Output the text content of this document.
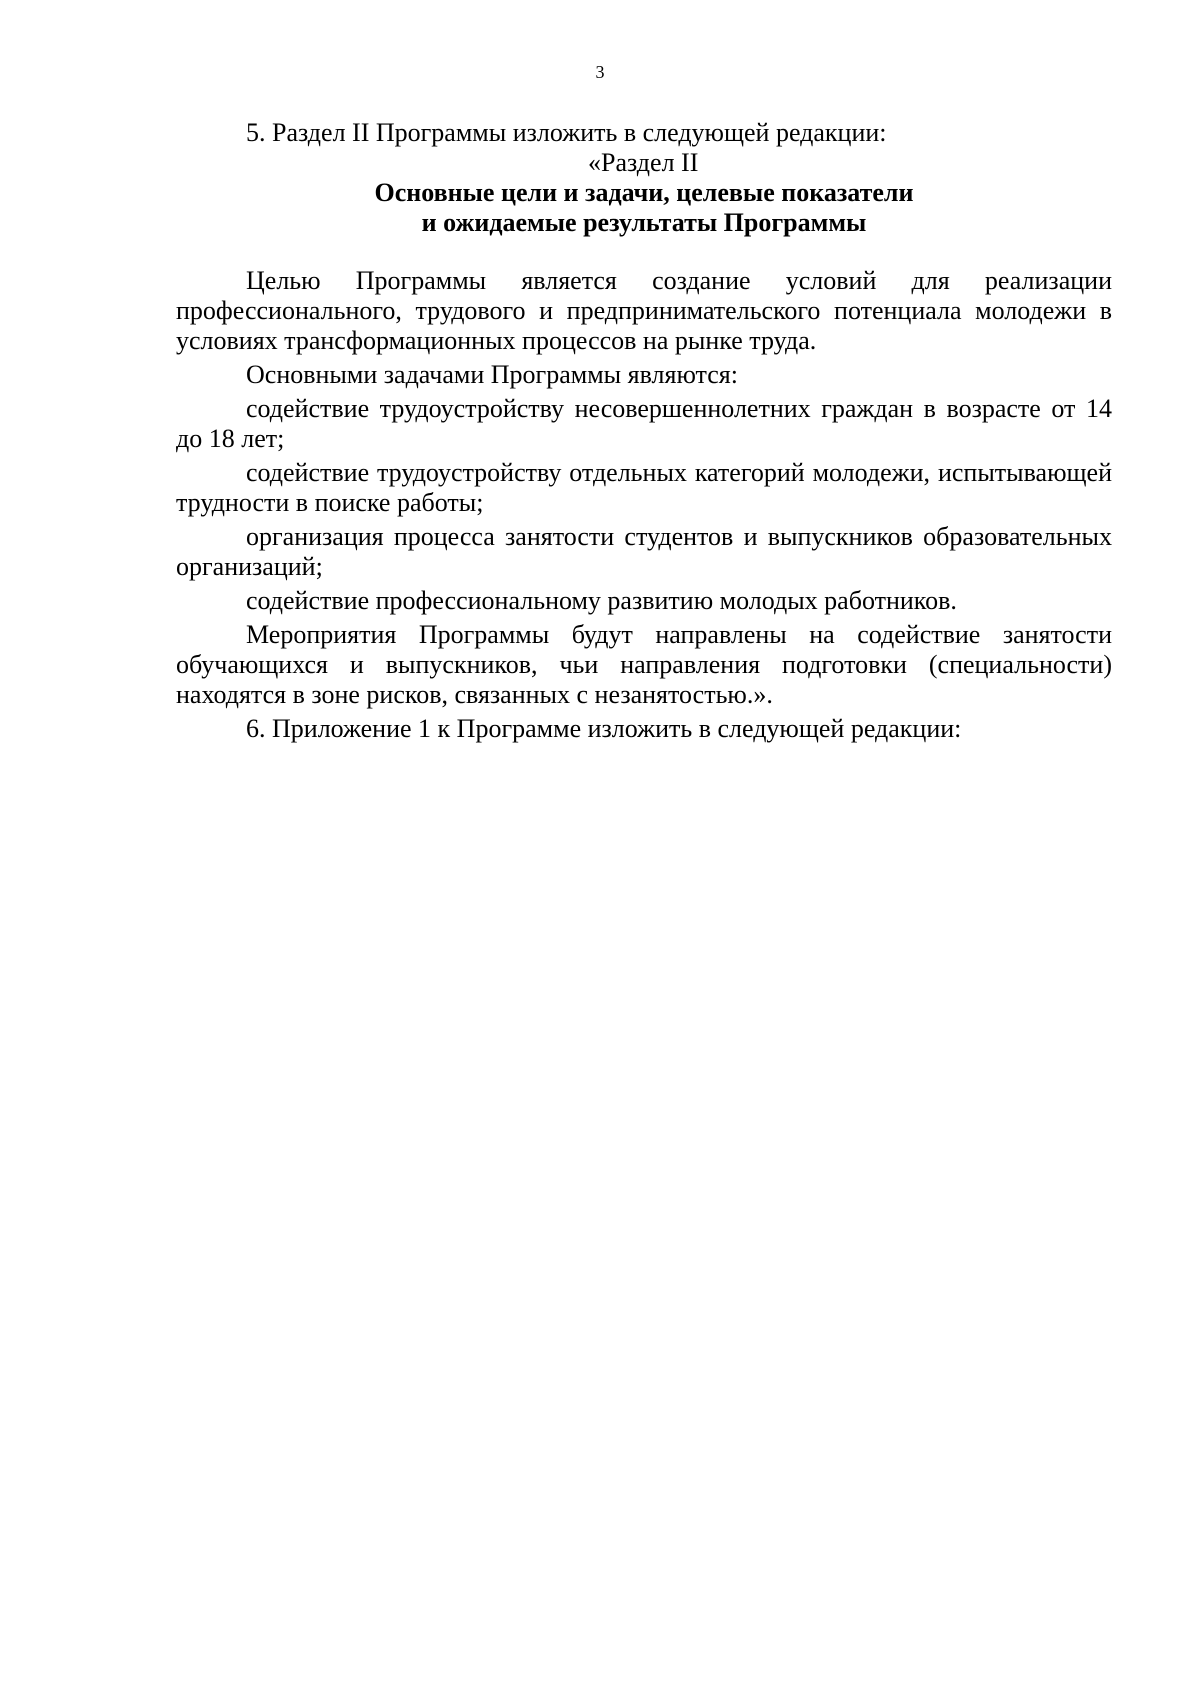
3

5. Раздел II Программы изложить в следующей редакции:

«Раздел II

Основные цели и задачи, целевые показатели

и ожидаемые результаты Программы

Целью Программы является создание условий для реализации профессионального, трудового и предпринимательского потенциала молодежи в условиях трансформационных процессов на рынке труда.

Основными задачами Программы являются:

содействие трудоустройству несовершеннолетних граждан в возрасте от 14 до 18 лет;

содействие трудоустройству отдельных категорий молодежи, испытывающей трудности в поиске работы;

организация процесса занятости студентов и выпускников образовательных организаций;

содействие профессиональному развитию молодых работников.

Мероприятия Программы будут направлены на содействие занятости обучающихся и выпускников, чьи направления подготовки (специальности) находятся в зоне рисков, связанных с незанятостью.».

6. Приложение 1 к Программе изложить в следующей редакции:
